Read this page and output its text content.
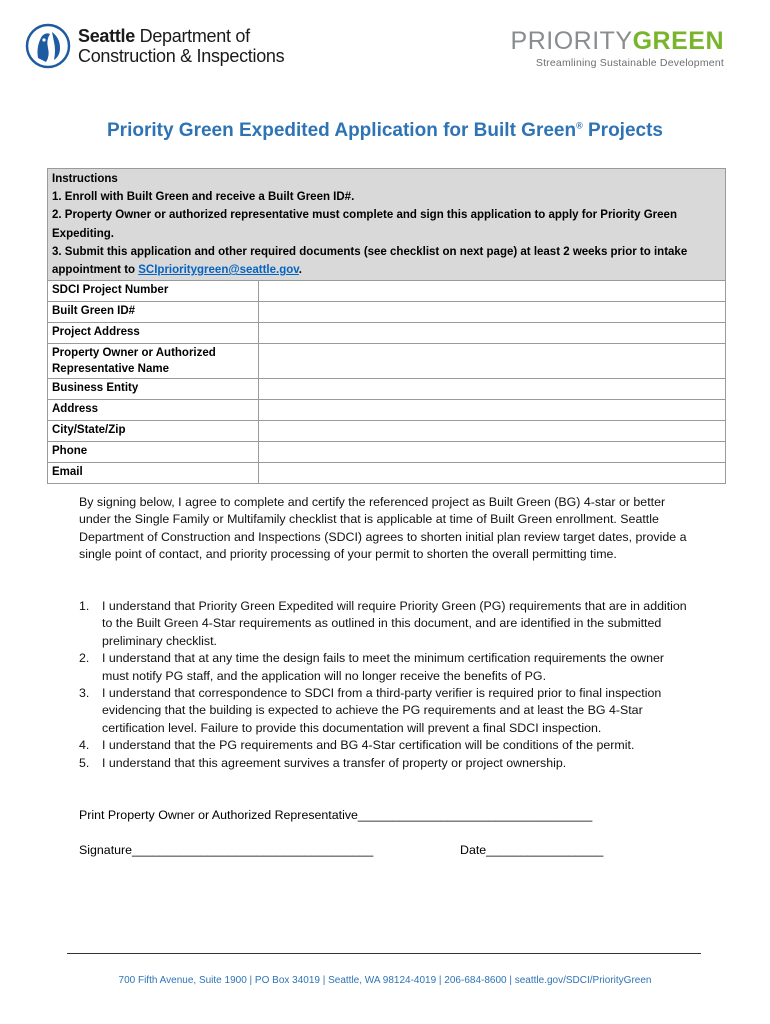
Seattle Department of
Construction & Inspections
PRIORITYGREEN
Streamlining Sustainable Development
Priority Green Expedited Application for Built Green® Projects
Instructions
1. Enroll with Built Green and receive a Built Green ID#.
2. Property Owner or authorized representative must complete and sign this application to apply for Priority Green Expediting.
3. Submit this application and other required documents (see checklist on next page) at least 2 weeks prior to intake appointment to SCIprioritygreen@seattle.gov.	

SDCI Project Number	
Built Green ID#	
Project Address	
Property Owner or Authorized Representative Name	
Business Entity	
Address	
City/State/Zip	
Phone	
Email	
By signing below, I agree to complete and certify the referenced project as Built Green (BG) 4-star or better under the Single Family or Multifamily checklist that is applicable at time of Built Green enrollment. Seattle Department of Construction and Inspections (SDCI) agrees to shorten initial plan review target dates, provide a single point of contact, and priority processing of your permit to shorten the overall permitting time.
1.	I understand that Priority Green Expedited will require Priority Green (PG) requirements that are in addition to the Built Green 4-Star requirements as outlined in this document, and are identified in the submitted preliminary checklist.
2.	I understand that at any time the design fails to meet the minimum certification requirements the owner must notify PG staff, and the application will no longer receive the benefits of PG.
3.	I understand that correspondence to SDCI from a third-party verifier is required prior to final inspection evidencing that the building is expected to achieve the PG requirements and at least the BG 4-Star certification level. Failure to provide this documentation will prevent a final SDCI inspection.
4.	I understand that the PG requirements and BG 4-Star certification will be conditions of the permit.
5.	I understand that this agreement survives a transfer of property or project ownership.
Print Property Owner or Authorized Representative__________________________________
Signature___________________________________	Date_________________
700 Fifth Avenue, Suite 1900 | PO Box 34019 | Seattle, WA 98124-4019 | 206-684-8600 | seattle.gov/SDCI/PriorityGreen
